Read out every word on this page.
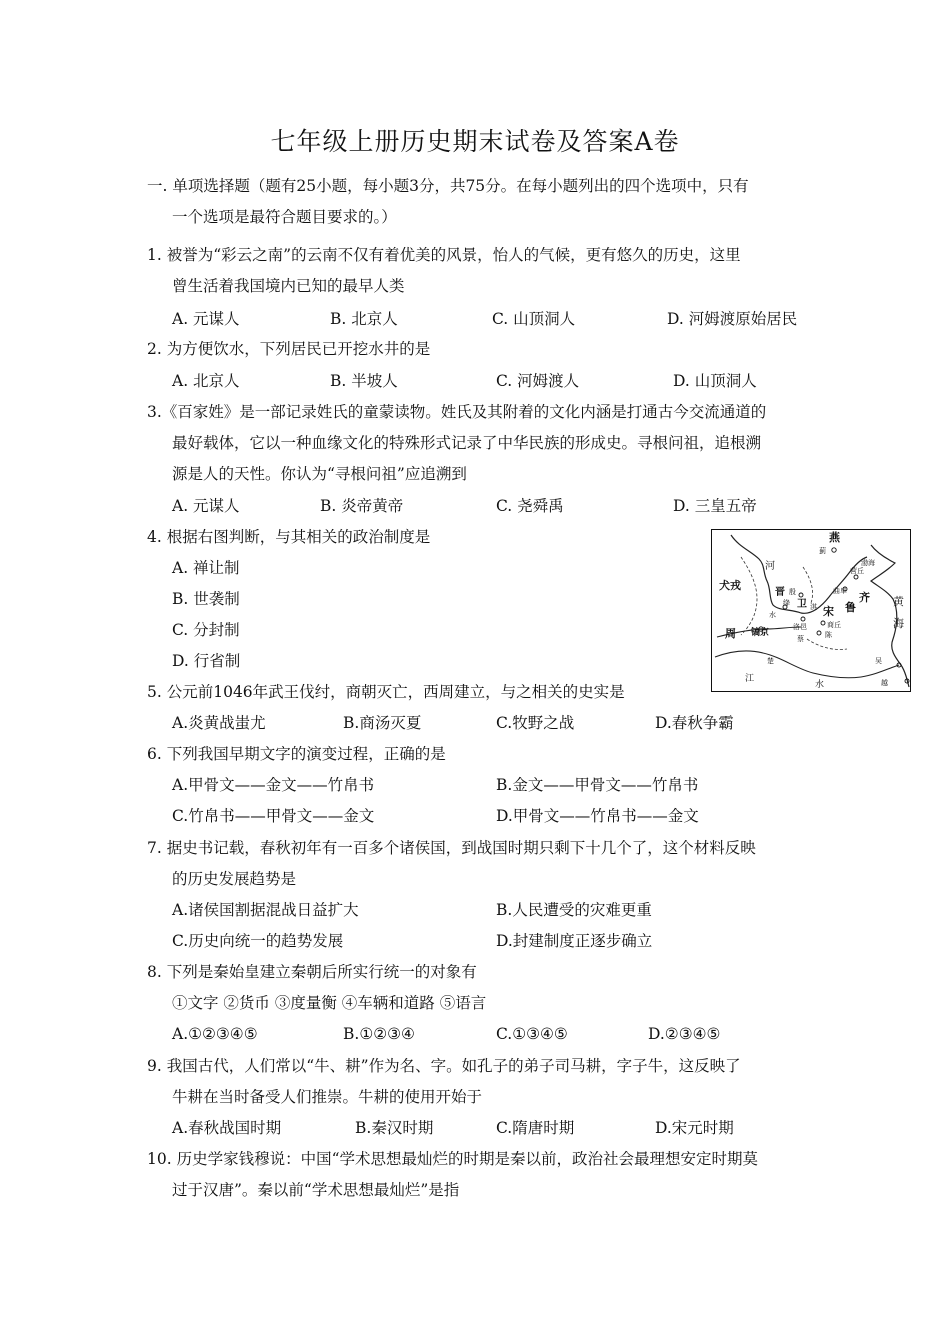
七年级上册历史期末试卷及答案A卷
一. 单项选择题（题有25小题，每小题3分，共75分。在每小题列出的四个选项中，只有
一个选项是最符合题目要求的。）
1. 被誉为“彩云之南”的云南不仅有着优美的风景，怡人的气候，更有悠久的历史，这里
曾生活着我国境内已知的最早人类
A. 元谋人	B. 北京人	C. 山顶洞人	D. 河姆渡原始居民
2. 为方便饮水，下列居民已开挖水井的是
A. 北京人	B. 半坡人	C. 河姆渡人	D. 山顶洞人
3.《百家姓》是一部记录姓氏的童蒙读物。姓氏及其附着的文化内涵是打通古今交流通道的
最好载体，它以一种血缘文化的特殊形式记录了中华民族的形成史。寻根问祖，追根溯
源是人的天性。你认为“寻根问祖”应追溯到
A. 元谋人	B. 炎帝黄帝	C. 尧舜禹	D. 三皇五帝
4. 根据右图判断，与其相关的政治制度是
A. 禅让制
B. 世袭制
C. 分封制
D. 行省制
燕
蓟
渤海
河
犬戎
晋
绛
殷
卫
水
淇
曲阜
营丘
齐
宋 鲁
洛邑	商丘
黄
海
周 镐京
蔡	陈
楚
江
水
吴
越
5. 公元前1046年武王伐纣，商朝灭亡，西周建立，与之相关的史实是
A.炎黄战蚩尤	B.商汤灭夏	C.牧野之战	D.春秋争霸
6. 下列我国早期文字的演变过程，正确的是
A.甲骨文——金文——竹帛书	B.金文——甲骨文——竹帛书
C.竹帛书——甲骨文——金文	D.甲骨文——竹帛书——金文
7. 据史书记载，春秋初年有一百多个诸侯国，到战国时期只剩下十几个了，这个材料反映
的历史发展趋势是
A.诸侯国割据混战日益扩大	B.人民遭受的灾难更重
C.历史向统一的趋势发展	D.封建制度正逐步确立
8. 下列是秦始皇建立秦朝后所实行统一的对象有
①文字 ②货币 ③度量衡 ④车辆和道路 ⑤语言
A.①②③④⑤	B.①②③④	C.①③④⑤	D.②③④⑤
9. 我国古代，人们常以“牛、耕”作为名、字。如孔子的弟子司马耕，字子牛，这反映了
牛耕在当时备受人们推崇。牛耕的使用开始于
A.春秋战国时期	B.秦汉时期	C.隋唐时期	D.宋元时期
10. 历史学家钱穆说：中国“学术思想最灿烂的时期是秦以前，政治社会最理想安定时期莫
过于汉唐”。秦以前“学术思想最灿烂”是指
